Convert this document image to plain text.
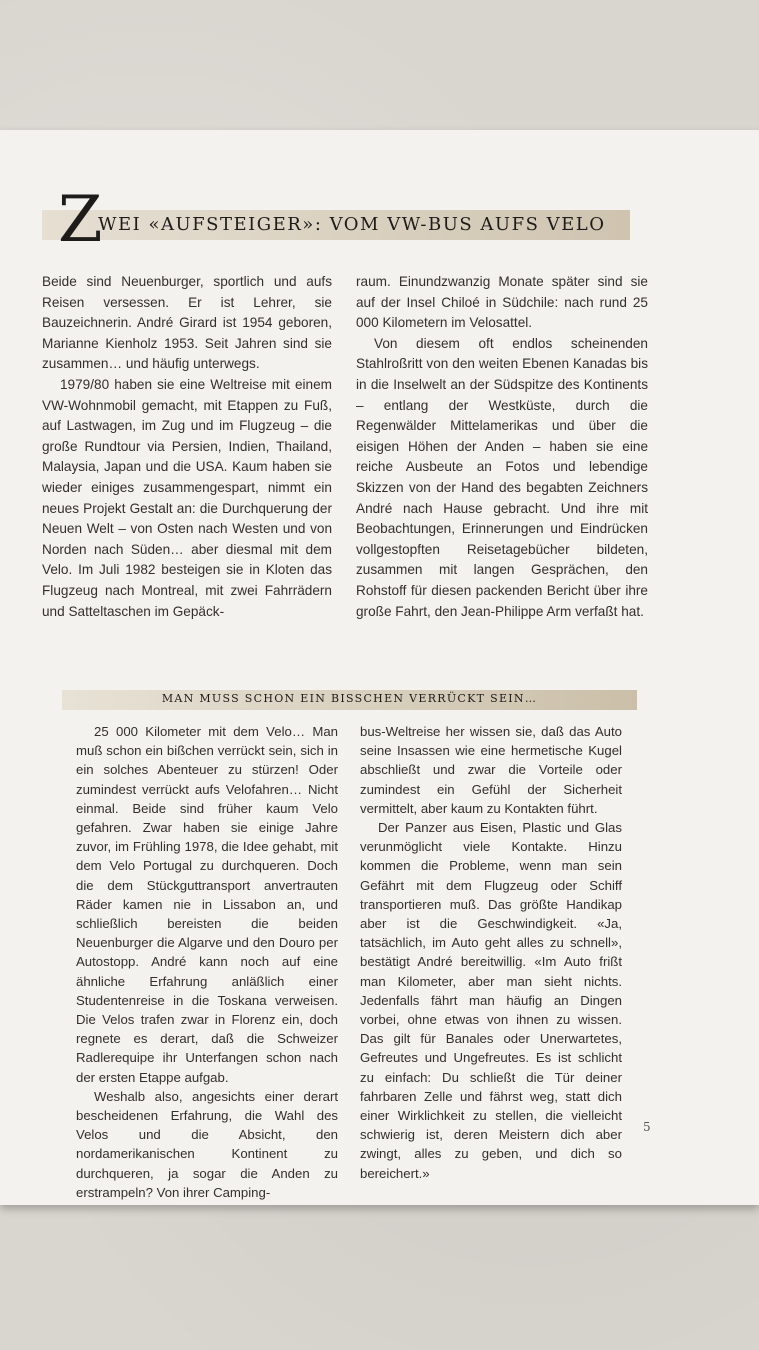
Z
WEI «AUFSTEIGER»: VOM VW-BUS AUFS VELO

Beide sind Neuenburger, sportlich und aufs Reisen versessen. Er ist Lehrer, sie Bauzeichnerin. André Girard ist 1954 geboren, Marianne Kienholz 1953. Seit Jahren sind sie zusammen… und häufig unterwegs.

1979/80 haben sie eine Weltreise mit einem VW-Wohnmobil gemacht, mit Etappen zu Fuß, auf Lastwagen, im Zug und im Flugzeug – die große Rundtour via Persien, Indien, Thailand, Malaysia, Japan und die USA. Kaum haben sie wieder einiges zusammengespart, nimmt ein neues Projekt Gestalt an: die Durchquerung der Neuen Welt – von Osten nach Westen und von Norden nach Süden… aber diesmal mit dem Velo. Im Juli 1982 besteigen sie in Kloten das Flugzeug nach Montreal, mit zwei Fahrrädern und Satteltaschen im Gepäck-

raum. Einundzwanzig Monate später sind sie auf der Insel Chiloé in Südchile: nach rund 25 000 Kilometern im Velosattel.

Von diesem oft endlos scheinenden Stahlroßritt von den weiten Ebenen Kanadas bis in die Inselwelt an der Südspitze des Kontinents – entlang der Westküste, durch die Regenwälder Mittelamerikas und über die eisigen Höhen der Anden – haben sie eine reiche Ausbeute an Fotos und lebendige Skizzen von der Hand des begabten Zeichners André nach Hause gebracht. Und ihre mit Beobachtungen, Erinnerungen und Eindrücken vollgestopften Reisetagebücher bildeten, zusammen mit langen Gesprächen, den Rohstoff für diesen packenden Bericht über ihre große Fahrt, den Jean-Philippe Arm verfaßt hat.

MAN MUSS SCHON EIN BISSCHEN VERRÜCKT SEIN…

25 000 Kilometer mit dem Velo… Man muß schon ein bißchen verrückt sein, sich in ein solches Abenteuer zu stürzen! Oder zumindest verrückt aufs Velofahren… Nicht einmal. Beide sind früher kaum Velo gefahren. Zwar haben sie einige Jahre zuvor, im Frühling 1978, die Idee gehabt, mit dem Velo Portugal zu durchqueren. Doch die dem Stückguttransport anvertrauten Räder kamen nie in Lissabon an, und schließlich bereisten die beiden Neuenburger die Algarve und den Douro per Autostopp. André kann noch auf eine ähnliche Erfahrung anläßlich einer Studentenreise in die Toskana verweisen. Die Velos trafen zwar in Florenz ein, doch regnete es derart, daß die Schweizer Radlerequipe ihr Unterfangen schon nach der ersten Etappe aufgab.

Weshalb also, angesichts einer derart bescheidenen Erfahrung, die Wahl des Velos und die Absicht, den nordamerikanischen Kontinent zu durchqueren, ja sogar die Anden zu erstrampeln? Von ihrer Camping-

bus-Weltreise her wissen sie, daß das Auto seine Insassen wie eine hermetische Kugel abschließt und zwar die Vorteile oder zumindest ein Gefühl der Sicherheit vermittelt, aber kaum zu Kontakten führt.

Der Panzer aus Eisen, Plastic und Glas verunmöglicht viele Kontakte. Hinzu kommen die Probleme, wenn man sein Gefährt mit dem Flugzeug oder Schiff transportieren muß. Das größte Handikap aber ist die Geschwindigkeit. «Ja, tatsächlich, im Auto geht alles zu schnell», bestätigt André bereitwillig. «Im Auto frißt man Kilometer, aber man sieht nichts. Jedenfalls fährt man häufig an Dingen vorbei, ohne etwas von ihnen zu wissen. Das gilt für Banales oder Unerwartetes, Gefreutes und Ungefreutes. Es ist schlicht zu einfach: Du schließt die Tür deiner fahrbaren Zelle und fährst weg, statt dich einer Wirklichkeit zu stellen, die vielleicht schwierig ist, deren Meistern dich aber zwingt, alles zu geben, und dich so bereichert.»

5
